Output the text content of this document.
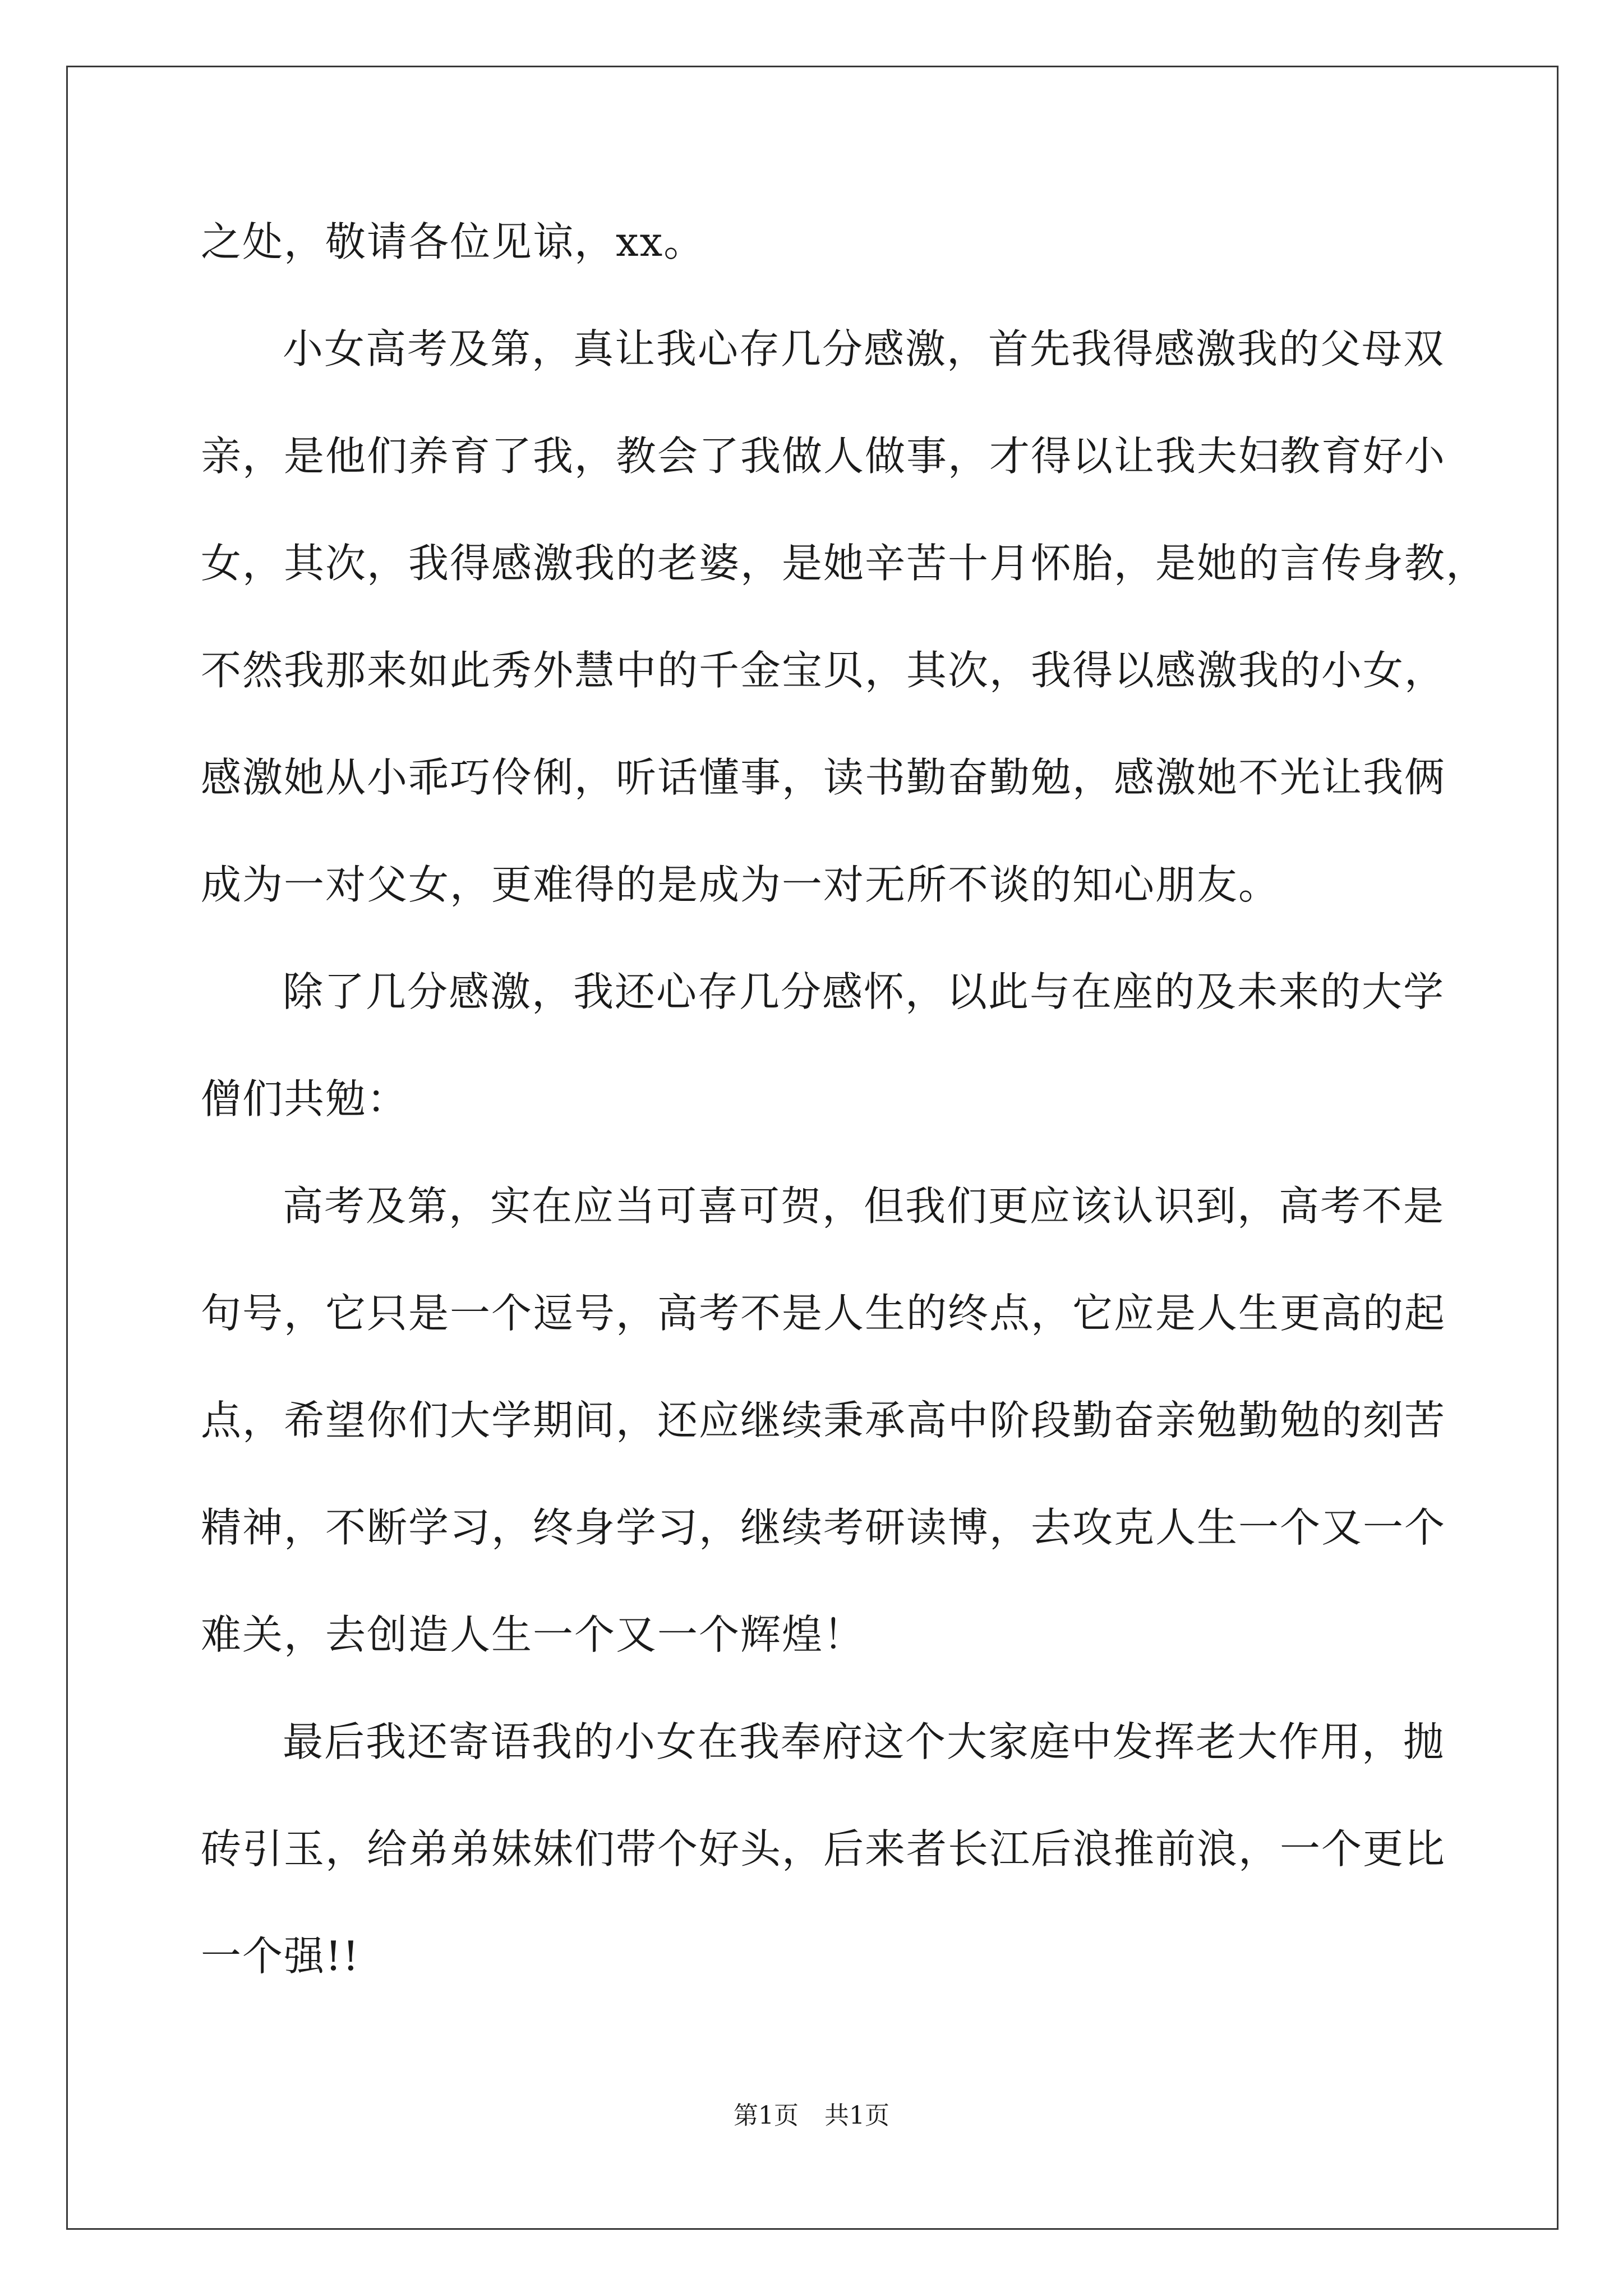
之处，敬请各位见谅，xx。
小女高考及第，真让我心存几分感激，首先我得感激我的父母双
亲，是他们养育了我，教会了我做人做事，才得以让我夫妇教育好小
女，其次，我得感激我的老婆，是她辛苦十月怀胎，是她的言传身教，
不然我那来如此秀外慧中的千金宝贝，其次，我得以感激我的小女，
感激她从小乖巧伶俐，听话懂事，读书勤奋勤勉，感激她不光让我俩
成为一对父女，更难得的是成为一对无所不谈的知心朋友。
除了几分感激，我还心存几分感怀，以此与在座的及未来的大学
僧们共勉：
高考及第，实在应当可喜可贺，但我们更应该认识到，高考不是
句号，它只是一个逗号，高考不是人生的终点，它应是人生更高的起
点，希望你们大学期间，还应继续秉承高中阶段勤奋亲勉勤勉的刻苦
精神，不断学习，终身学习，继续考研读博，去攻克人生一个又一个
难关，去创造人生一个又一个辉煌！
最后我还寄语我的小女在我奉府这个大家庭中发挥老大作用，抛
砖引玉，给弟弟妹妹们带个好头，后来者长江后浪推前浪，一个更比
一个强!!
第1页 共1页
